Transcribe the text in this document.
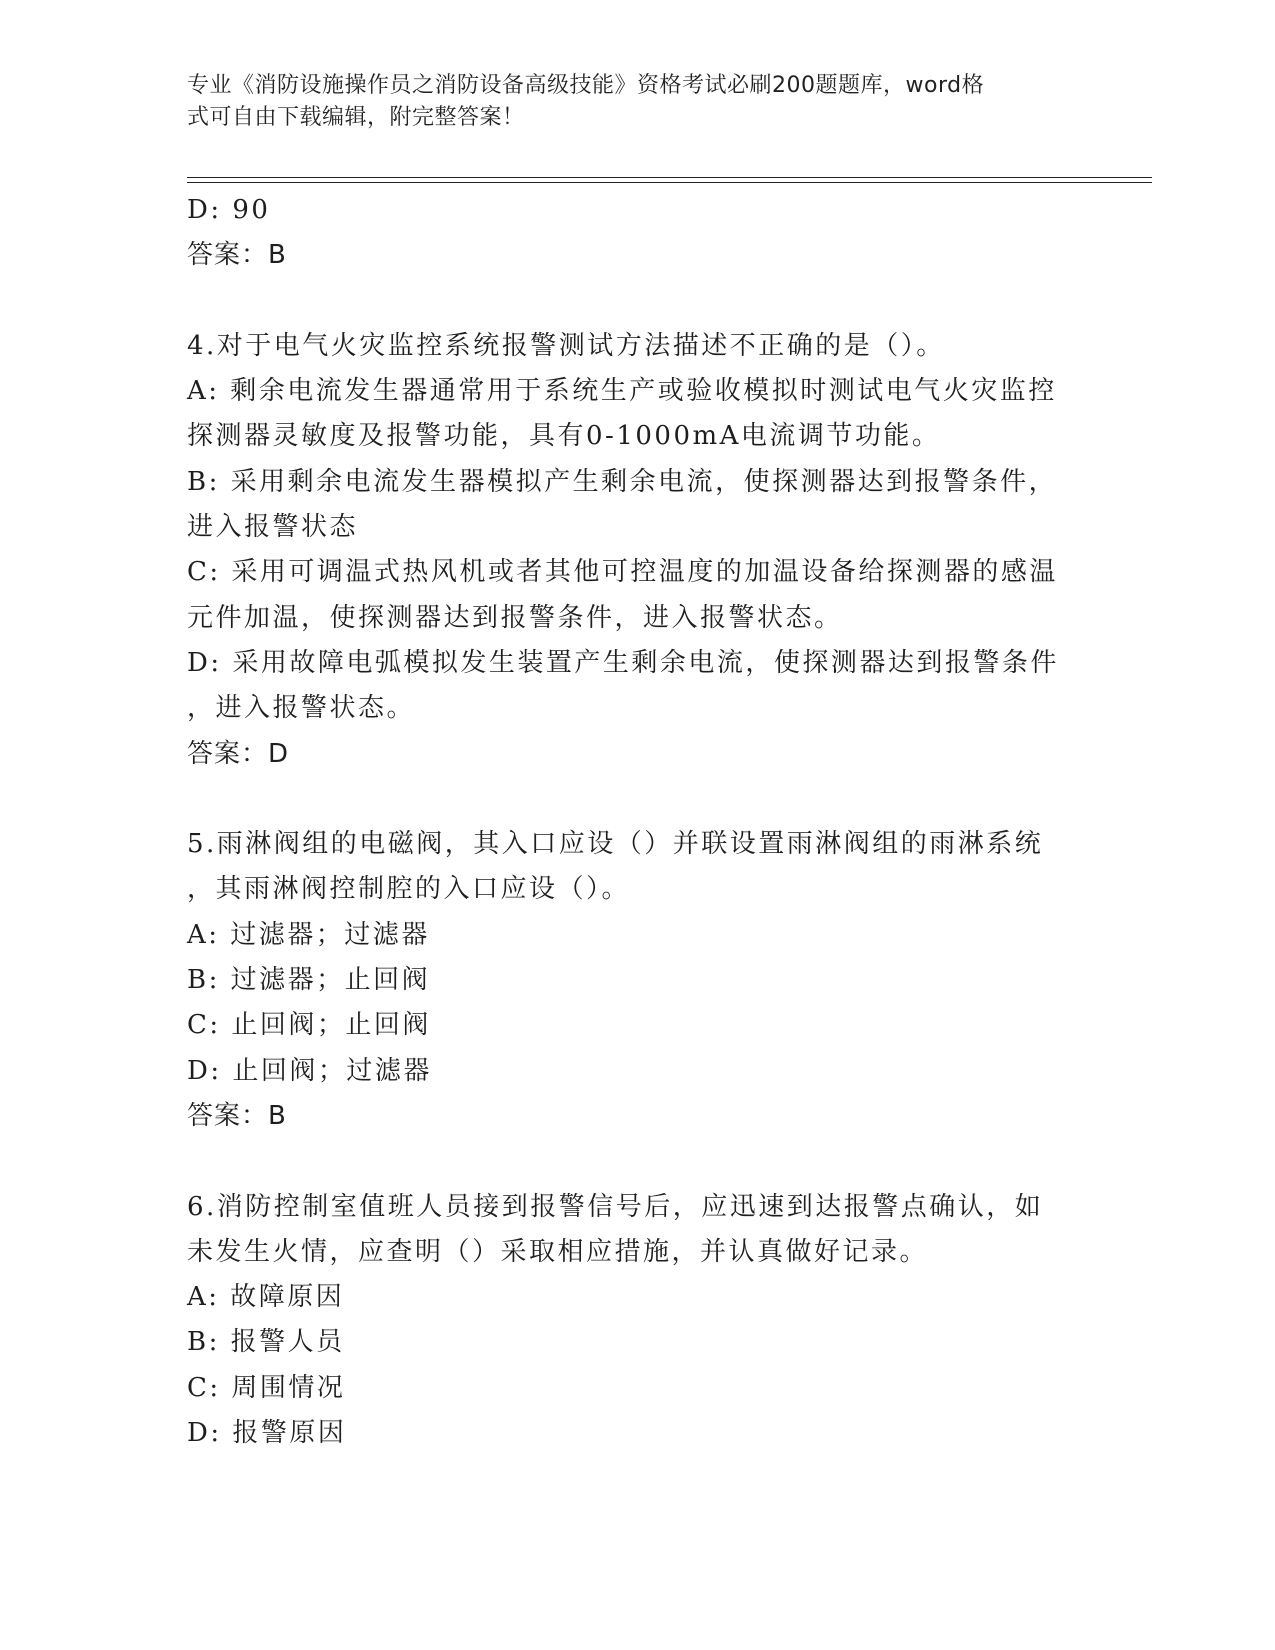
专业《消防设施操作员之消防设备高级技能》资格考试必刷200题题库，word格
式可自由下载编辑，附完整答案！
D: 90
答案：B
4.对于电气火灾监控系统报警测试方法描述不正确的是（）。
A: 剩余电流发生器通常用于系统生产或验收模拟时测试电气火灾监控
探测器灵敏度及报警功能，具有0-1000mA电流调节功能。
B: 采用剩余电流发生器模拟产生剩余电流，使探测器达到报警条件，
进入报警状态
C: 采用可调温式热风机或者其他可控温度的加温设备给探测器的感温
元件加温，使探测器达到报警条件，进入报警状态。
D: 采用故障电弧模拟发生装置产生剩余电流，使探测器达到报警条件
，进入报警状态。
答案：D
5.雨淋阀组的电磁阀，其入口应设（）并联设置雨淋阀组的雨淋系统
，其雨淋阀控制腔的入口应设（）。
A: 过滤器；过滤器
B: 过滤器；止回阀
C: 止回阀；止回阀
D: 止回阀；过滤器
答案：B
6.消防控制室值班人员接到报警信号后，应迅速到达报警点确认，如
未发生火情，应查明（）采取相应措施，并认真做好记录。
A: 故障原因
B: 报警人员
C: 周围情况
D: 报警原因
